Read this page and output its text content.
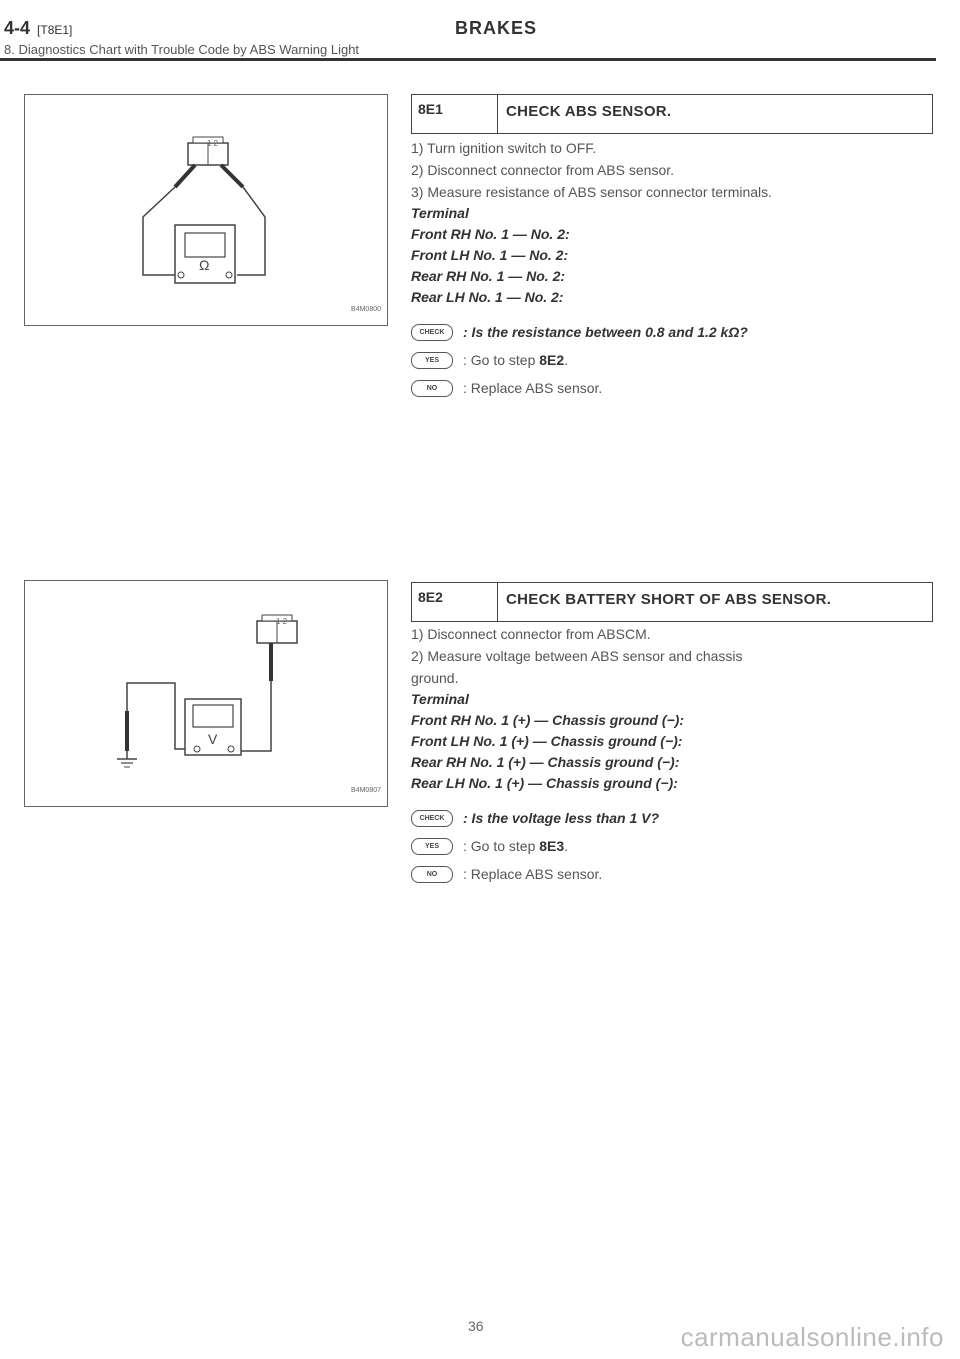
4-4 [T8E1]	BRAKES
8. Diagnostics Chart with Trouble Code by ABS Warning Light
1 2
Ω
B4M0800
8E1	CHECK ABS SENSOR.
1) Turn ignition switch to OFF.
2) Disconnect connector from ABS sensor.
3) Measure resistance of ABS sensor connector terminals.
Terminal
Front RH No. 1 — No. 2:
Front LH No. 1 — No. 2:
Rear RH No. 1 — No. 2:
Rear LH No. 1 — No. 2:
CHECK	: Is the resistance between 0.8 and 1.2 kΩ?
YES	: Go to step 8E2.
NO	: Replace ABS sensor.
1 2
V
B4M0807
8E2	CHECK BATTERY SHORT OF ABS SENSOR.
1) Disconnect connector from ABSCM.
2) Measure voltage between ABS sensor and chassis
ground.
Terminal
Front RH No. 1 (+) — Chassis ground (−):
Front LH No. 1 (+) — Chassis ground (−):
Rear RH No. 1 (+) — Chassis ground (−):
Rear LH No. 1 (+) — Chassis ground (−):
CHECK	: Is the voltage less than 1 V?
YES	: Go to step 8E3.
NO	: Replace ABS sensor.
36	carmanualsonline.info
